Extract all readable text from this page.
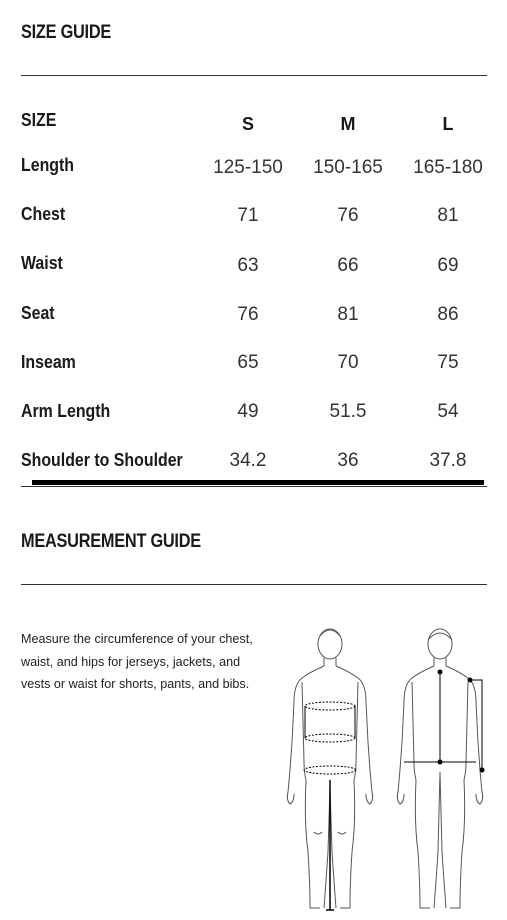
SIZE GUIDE
SIZE	S	M	L
Length	125-150	150-165	165-180
Chest	71	76	81
Waist	63	66	69
Seat	76	81	86
Inseam	65	70	75
Arm Length	49	51.5	54
Shoulder to Shoulder	34.2	36	37.8
MEASUREMENT GUIDE
Measure the circumference of your chest, waist, and hips for jerseys, jackets, and vests or waist for shorts, pants, and bibs.
